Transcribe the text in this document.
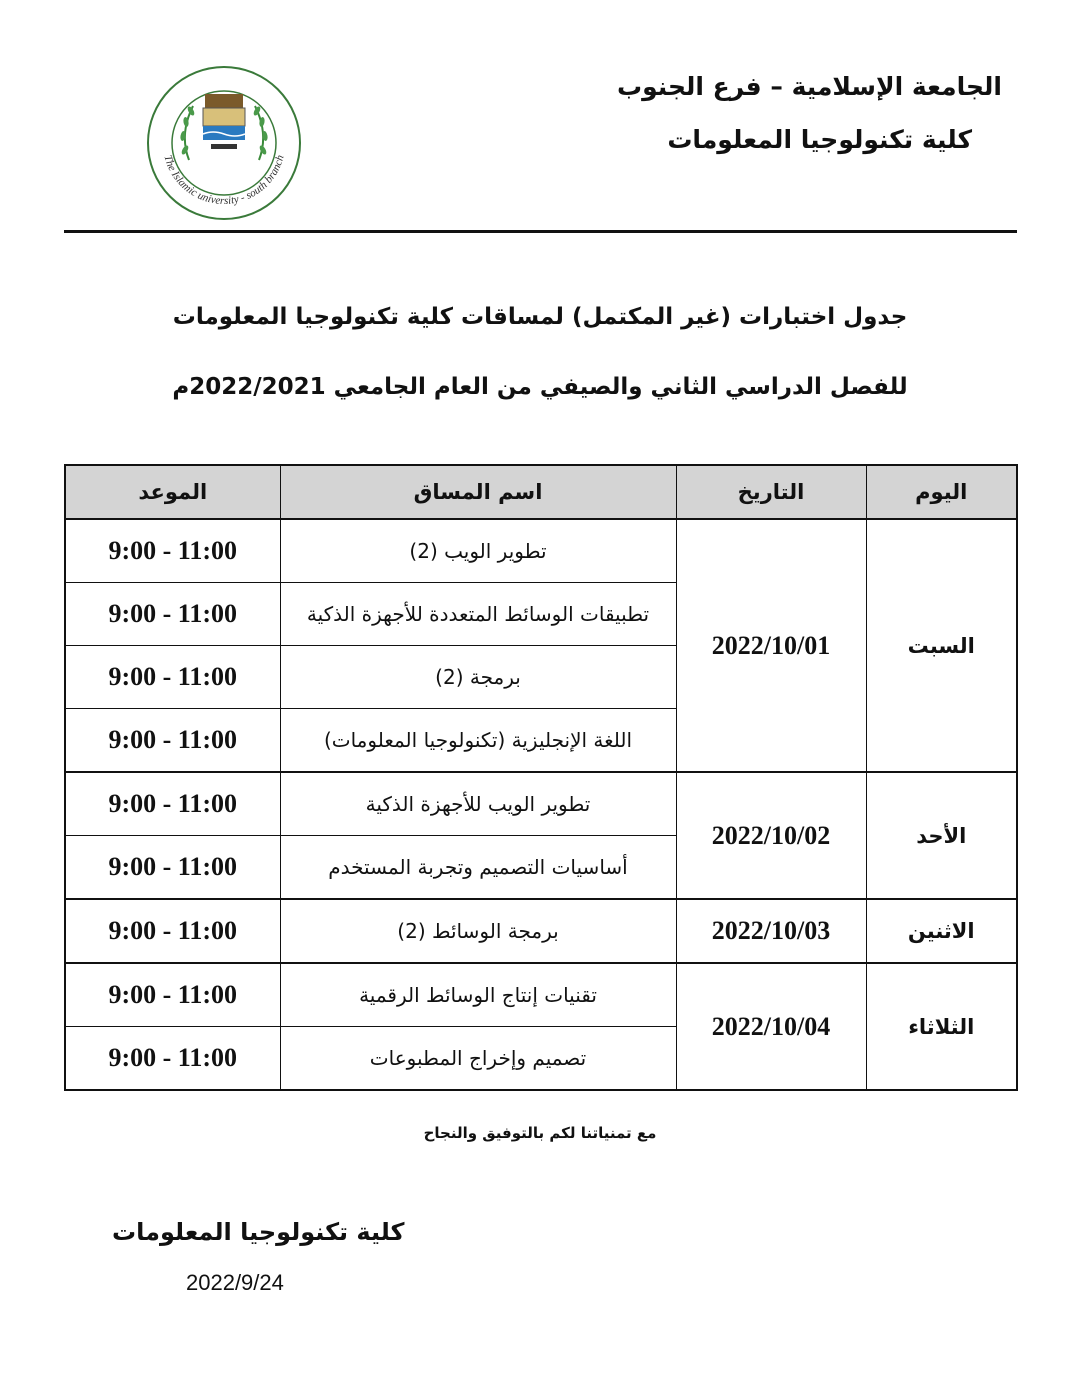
الجامعة الإسلامية – فرع الجنوب
كلية تكنولوجيا المعلومات
The Islamic university - south branch
جدول اختبارات (غير المكتمل) لمساقات كلية تكنولوجيا المعلومات
للفصل الدراسي الثاني والصيفي من العام الجامعي 2022/2021م
اليوم	التاريخ	اسم المساق	الموعد
السبت	2022/10/01	تطوير الويب (2)	9:00 - 11:00
		تطبيقات الوسائط المتعددة للأجهزة الذكية	9:00 - 11:00
		برمجة (2)	9:00 - 11:00
		اللغة الإنجليزية (تكنولوجيا المعلومات)	9:00 - 11:00
الأحد	2022/10/02	تطوير الويب للأجهزة الذكية	9:00 - 11:00
		أساسيات التصميم وتجربة المستخدم	9:00 - 11:00
الاثنين	2022/10/03	برمجة الوسائط (2)	9:00 - 11:00
الثلاثاء	2022/10/04	تقنيات إنتاج الوسائط الرقمية	9:00 - 11:00
		تصميم وإخراج المطبوعات	9:00 - 11:00
مع تمنياتنا لكم بالتوفيق والنجاح
كلية تكنولوجيا المعلومات
2022/9/24
